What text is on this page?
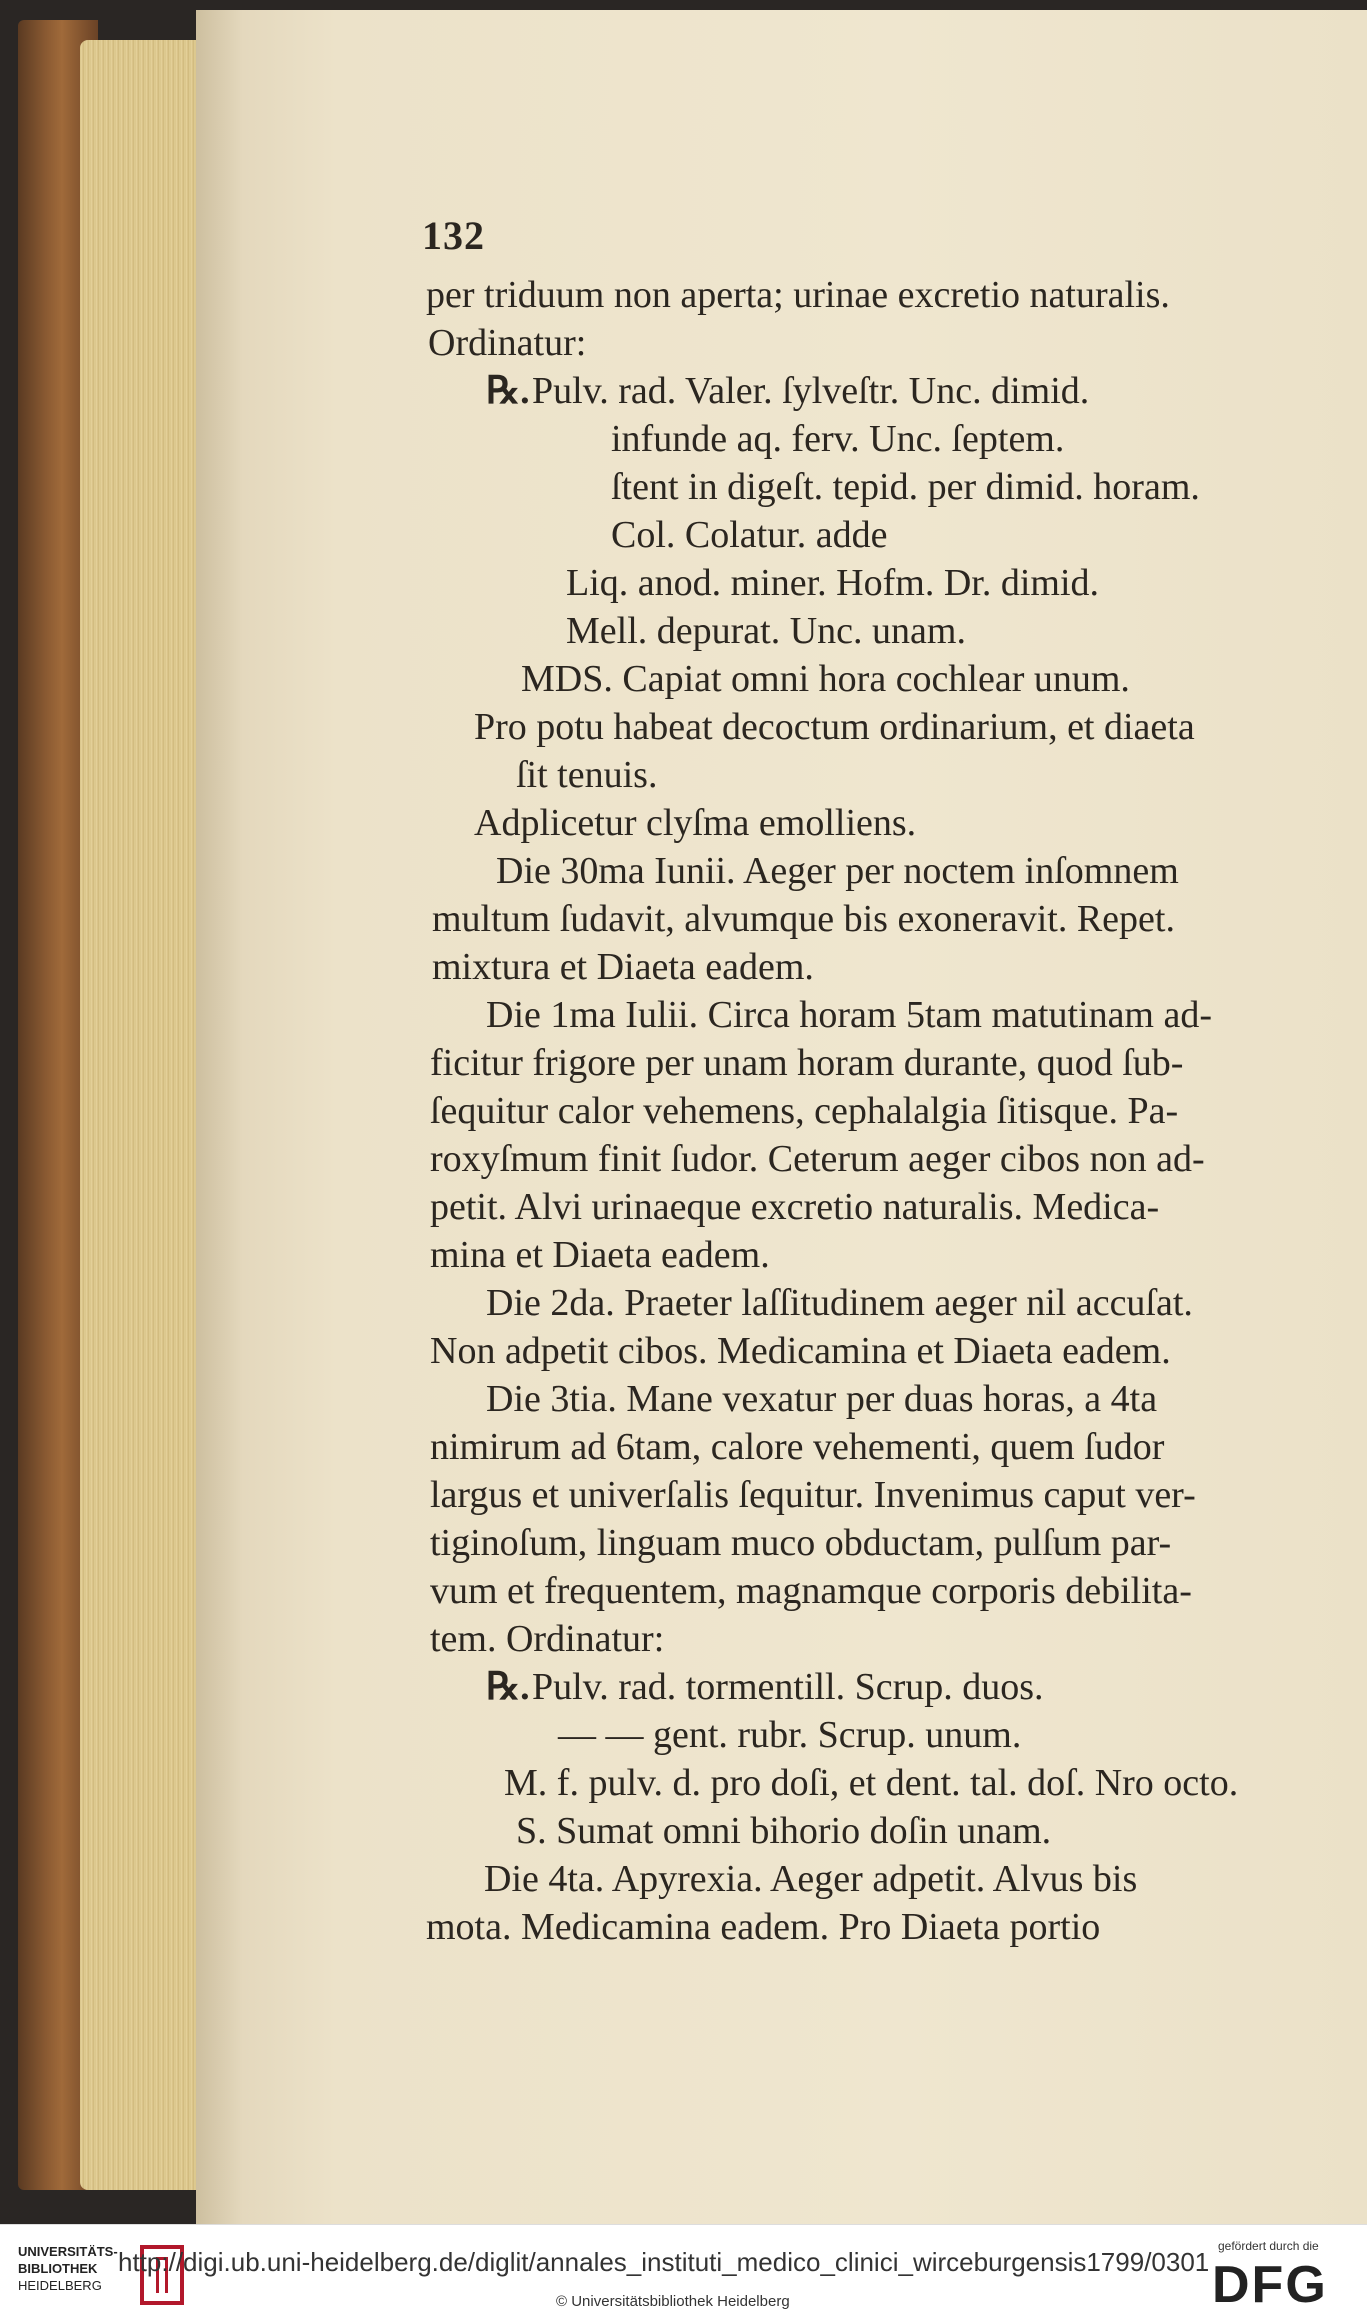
132
per triduum non aperta; urinae excretio naturalis.
Ordinatur:
℞. Pulv. rad. Valer. ſylveſtr. Unc. dimid.
infunde aq. ferv. Unc. ſeptem.
ſtent in digeſt. tepid. per dimid. horam.
Col. Colatur. adde
Liq. anod. miner. Hofm. Dr. dimid.
Mell. depurat. Unc. unam.
MDS. Capiat omni hora cochlear unum.
Pro potu habeat decoctum ordinarium, et diaeta
ſit tenuis.
Adplicetur clyſma emolliens.
Die 30ma Iunii. Aeger per noctem inſomnem
multum ſudavit, alvumque bis exoneravit. Repet.
mixtura et Diaeta eadem.
Die 1ma Iulii. Circa horam 5tam matutinam ad-
ficitur frigore per unam horam durante, quod ſub-
ſequitur calor vehemens, cephalalgia ſitisque. Pa-
roxyſmum finit ſudor. Ceterum aeger cibos non ad-
petit. Alvi urinaeque excretio naturalis. Medica-
mina et Diaeta eadem.
Die 2da. Praeter laſſitudinem aeger nil accuſat.
Non adpetit cibos. Medicamina et Diaeta eadem.
Die 3tia. Mane vexatur per duas horas, a 4ta
nimirum ad 6tam, calore vehementi, quem ſudor
largus et univerſalis ſequitur. Invenimus caput ver-
tiginoſum, linguam muco obductam, pulſum par-
vum et frequentem, magnamque corporis debilita-
tem. Ordinatur:
℞. Pulv. rad. tormentill. Scrup. duos.
— — gent. rubr. Scrup. unum.
M. f. pulv. d. pro doſi, et dent. tal. doſ. Nro octo.
S. Sumat omni bihorio doſin unam.
Die 4ta. Apyrexia. Aeger adpetit. Alvus bis
mota. Medicamina eadem. Pro Diaeta portio
UNIVERSITÄTS-
BIBLIOTHEK
HEIDELBERG
http://digi.ub.uni-heidelberg.de/diglit/annales_instituti_medico_clinici_wirceburgensis1799/0301
© Universitätsbibliothek Heidelberg
gefördert durch die
DFG
